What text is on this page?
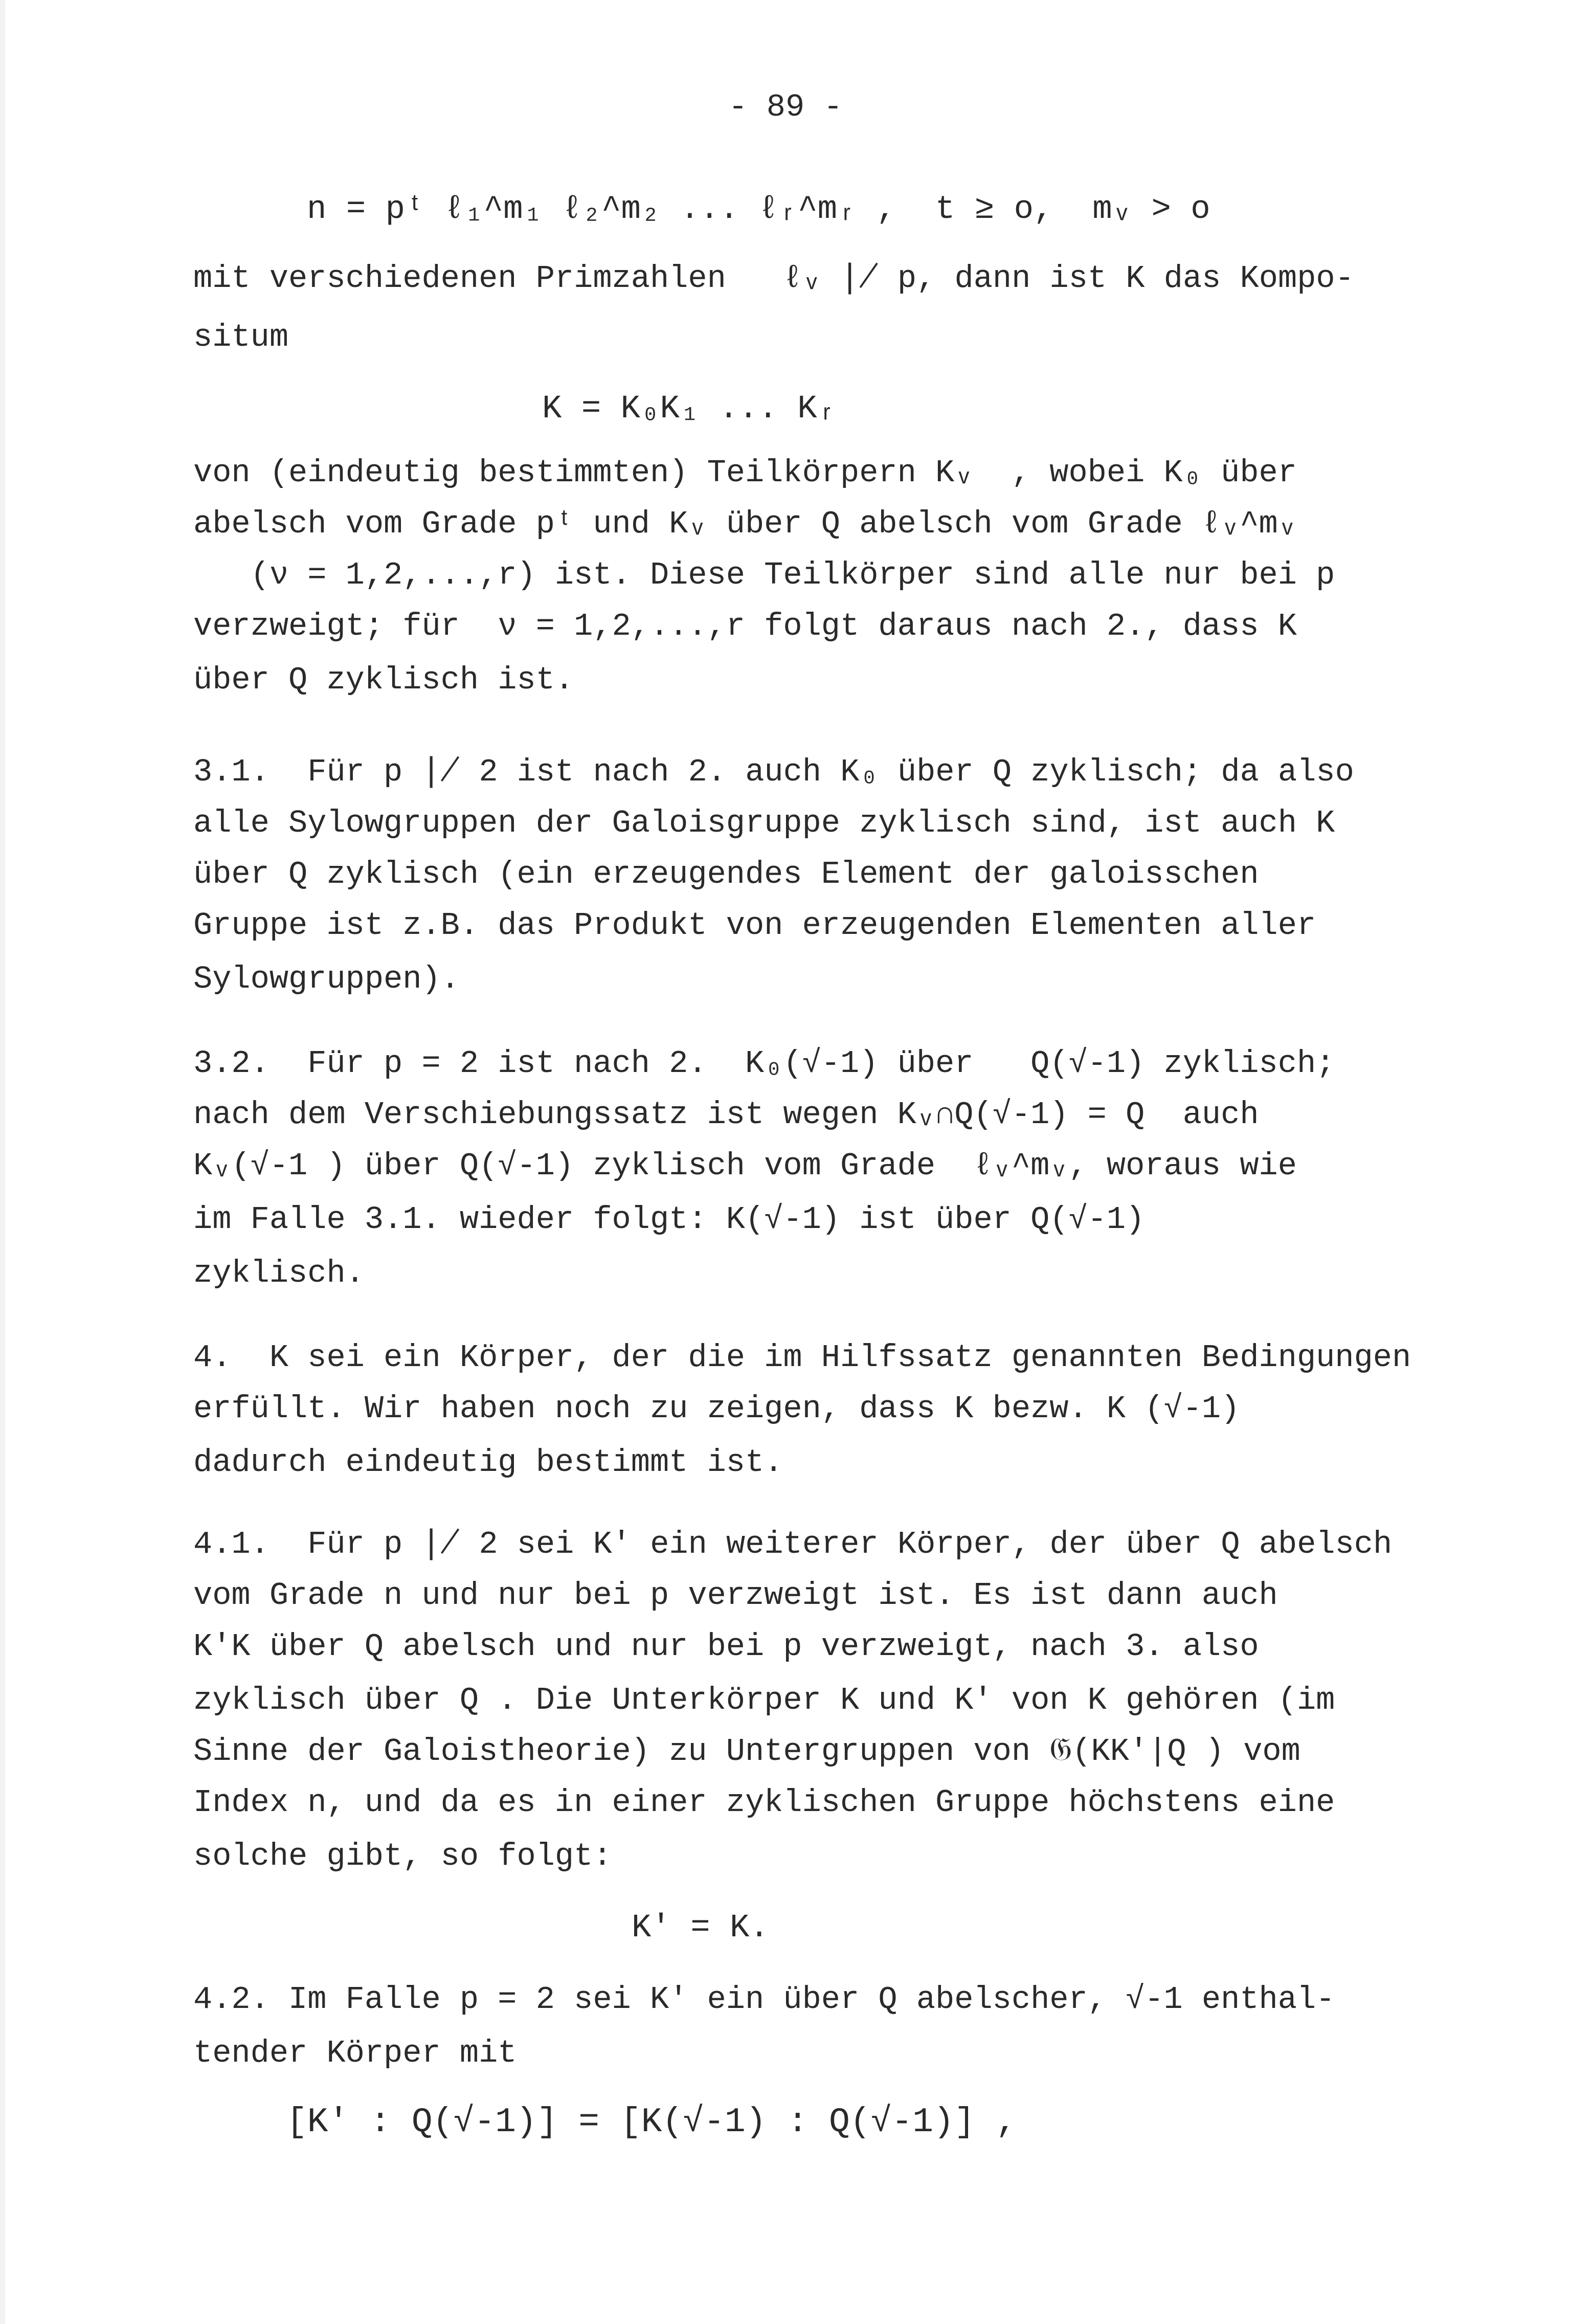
- 89 -
n = pᵗ ℓ₁^m₁ ℓ₂^m₂ ... ℓᵣ^mᵣ ,  t ≥ o,  mᵥ > o
mit verschiedenen Primzahlen   ℓᵥ ∤ p, dann ist K das Kompo-
situm
K = K₀K₁ ... Kᵣ
von (eindeutig bestimmten) Teilkörpern Kᵥ  , wobei K₀ über
abelsch vom Grade pᵗ und Kᵥ über Q abelsch vom Grade ℓᵥ^mᵥ
(ν = 1,2,...,r) ist. Diese Teilkörper sind alle nur bei p
verzweigt; für  ν = 1,2,...,r folgt daraus nach 2., dass K
über Q zyklisch ist.
3.1.  Für p ∤ 2 ist nach 2. auch K₀ über Q zyklisch; da also
alle Sylowgruppen der Galoisgruppe zyklisch sind, ist auch K
über Q zyklisch (ein erzeugendes Element der galoisschen
Gruppe ist z.B. das Produkt von erzeugenden Elementen aller
Sylowgruppen).
3.2.  Für p = 2 ist nach 2.  K₀(√-1) über   Q(√-1) zyklisch;
nach dem Verschiebungssatz ist wegen Kᵥ∩Q(√-1) = Q  auch
Kᵥ(√-1 ) über Q(√-1) zyklisch vom Grade  ℓᵥ^mᵥ, woraus wie
im Falle 3.1. wieder folgt: K(√-1) ist über Q(√-1)
zyklisch.
4.  K sei ein Körper, der die im Hilfssatz genannten Bedingungen
erfüllt. Wir haben noch zu zeigen, dass K bezw. K (√-1)
dadurch eindeutig bestimmt ist.
4.1.  Für p ∤ 2 sei K' ein weiterer Körper, der über Q abelsch
vom Grade n und nur bei p verzweigt ist. Es ist dann auch
K'K über Q abelsch und nur bei p verzweigt, nach 3. also
zyklisch über Q . Die Unterkörper K und K' von K gehören (im
Sinne der Galoistheorie) zu Untergruppen von 𝔊(KK'|Q ) vom
Index n, und da es in einer zyklischen Gruppe höchstens eine
solche gibt, so folgt:
K' = K.
4.2. Im Falle p = 2 sei K' ein über Q abelscher, √-1 enthal-
tender Körper mit
[K' : Q(√-1)] = [K(√-1) : Q(√-1)] ,
